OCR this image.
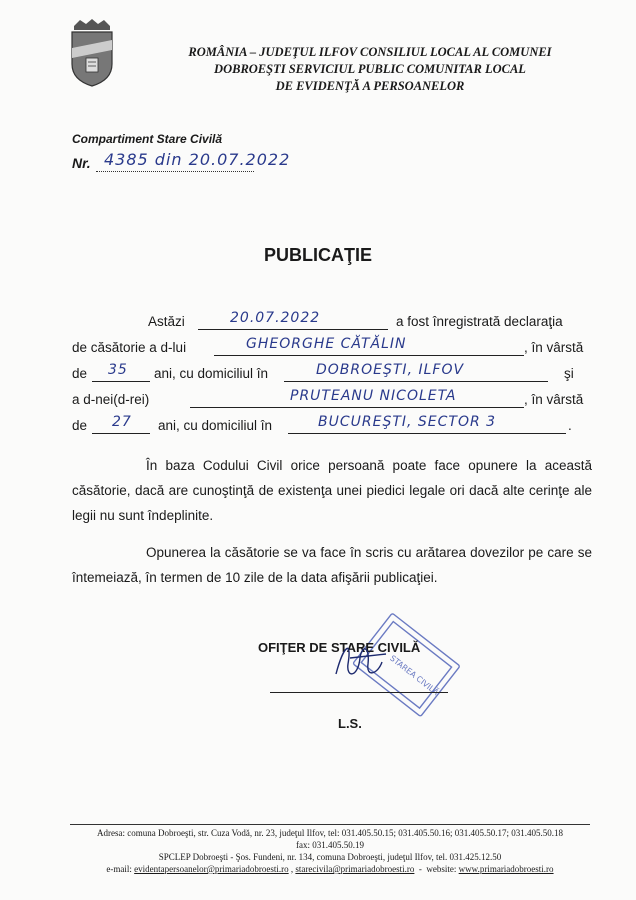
ROMÂNIA – JUDEŢUL ILFOV CONSILIUL LOCAL AL COMUNEI
DOBROEŞTI SERVICIUL PUBLIC COMUNITAR LOCAL
DE EVIDENŢĂ A PERSOANELOR
Compartiment Stare Civilă
Nr. 4385 din 20.07.2022
PUBLICAŢIE
Astăzi	20.07.2022	a fost înregistrată declaraţia
de căsătorie a d-lui	GHEORGHE CĂTĂLIN	, în vârstă
de 35 ani, cu domiciliul în	DOBROEŞTI, ILFOV	şi
a d-nei(d-rei)	PRUTEANU NICOLETA	, în vârstă
de 27 ani, cu domiciliul în	BUCUREŞTI, SECTOR 3	.
În baza Codului Civil orice persoană poate face opunere la această căsătorie, dacă are cunoştinţă de existenţa unei piedici legale ori dacă alte cerinţe ale legii nu sunt îndeplinite.
Opunerea la căsătorie se va face în scris cu arătarea dovezilor pe care se întemeiază, în termen de 10 zile de la data afişării publicaţiei.
STAREA CIVILĂ
OFIŢER DE STARE CIVILĂ
L.S.
Adresa: comuna Dobroeşti, str. Cuza Vodă, nr. 23, judeţul Ilfov, tel: 031.405.50.15; 031.405.50.16; 031.405.50.17; 031.405.50.18
fax: 031.405.50.19
SPCLEP Dobroeşti - Şos. Fundeni, nr. 134, comuna Dobroeşti, judeţul Ilfov, tel. 031.425.12.50
e-mail: evidentapersoanelor@primariadobroesti.ro , starecivila@primariadobroesti.ro  -  website: www.primariadobroesti.ro
